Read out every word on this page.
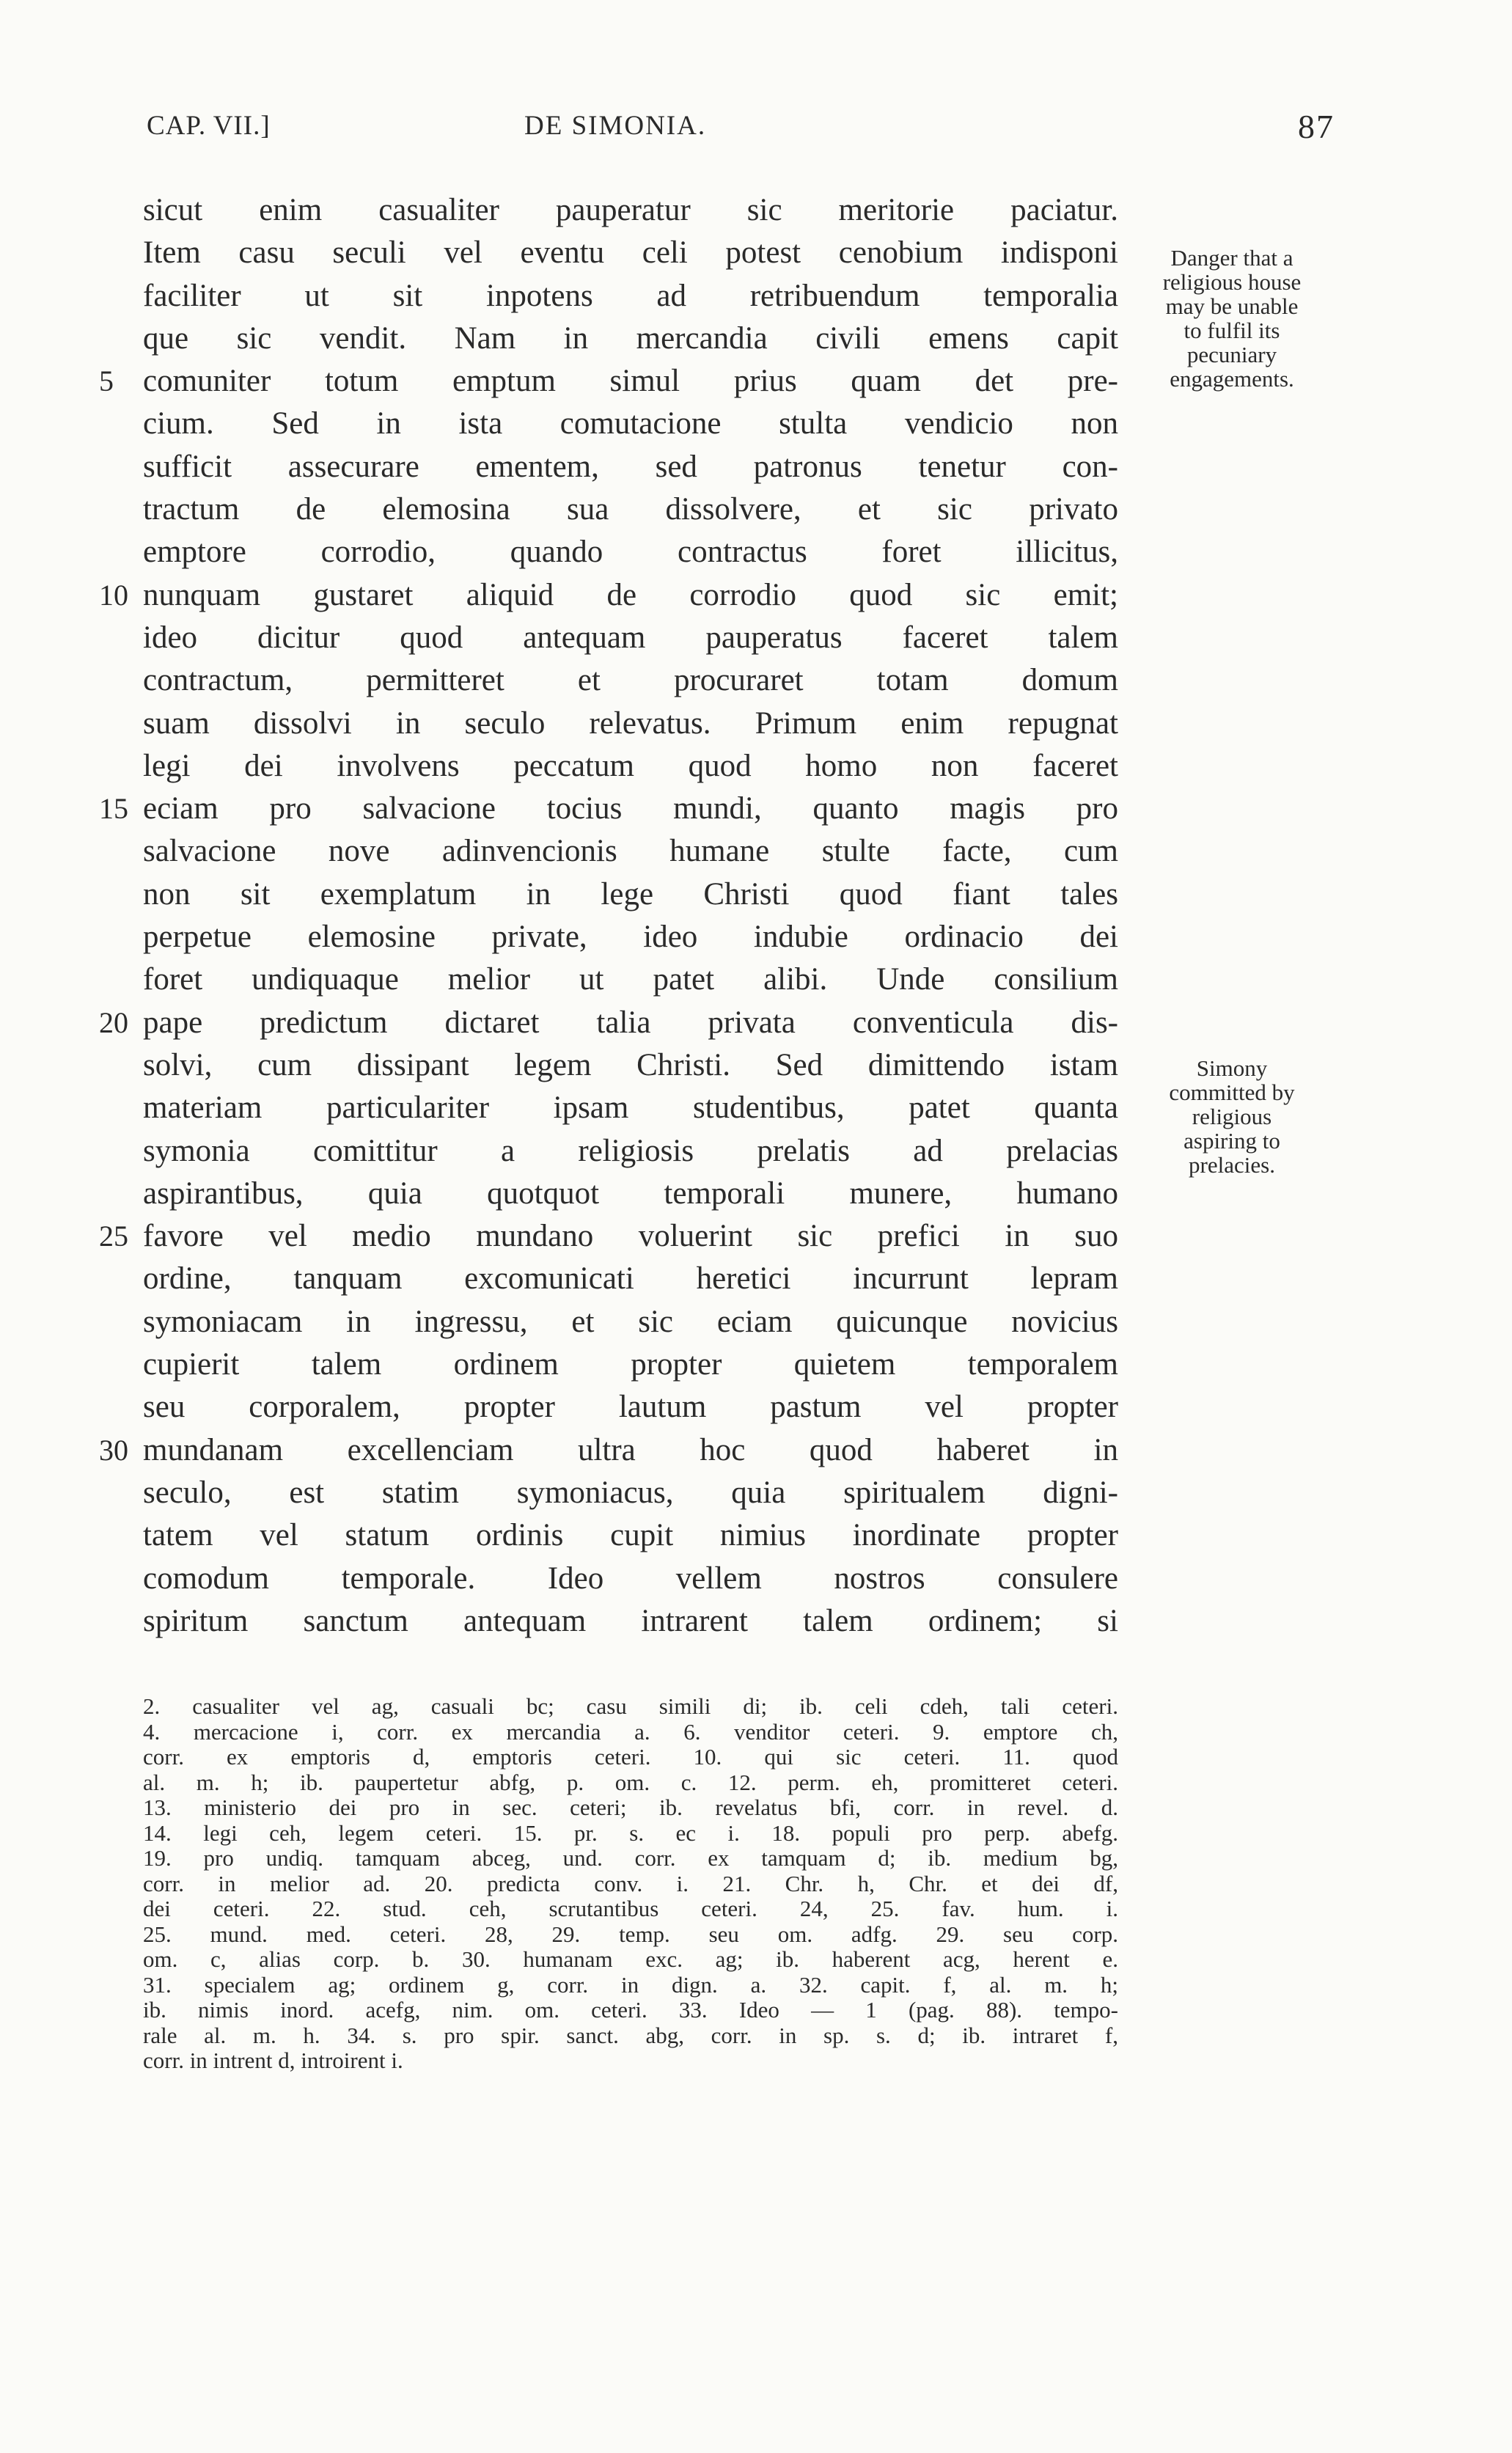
CAP. VII.]	DE SIMONIA.	87
sicut enim casualiter pauperatur sic meritorie paciatur.
Item casu seculi vel eventu celi potest cenobium indisponi
faciliter ut sit inpotens ad retribuendum temporalia
que sic vendit. Nam in mercandia civili emens capit
5 comuniter totum emptum simul prius quam det pre-
cium. Sed in ista comutacione stulta vendicio non
sufficit assecurare ementem, sed patronus tenetur con-
tractum de elemosina sua dissolvere, et sic privato
emptore corrodio, quando contractus foret illicitus,
10 nunquam gustaret aliquid de corrodio quod sic emit;
ideo dicitur quod antequam pauperatus faceret talem
contractum, permitteret et procuraret totam domum
suam dissolvi in seculo relevatus. Primum enim repugnat
legi dei involvens peccatum quod homo non faceret
15 eciam pro salvacione tocius mundi, quanto magis pro
salvacione nove adinvencionis humane stulte facte, cum
non sit exemplatum in lege Christi quod fiant tales
perpetue elemosine private, ideo indubie ordinacio dei
foret undiquaque melior ut patet alibi. Unde consilium
20 pape predictum dictaret talia privata conventicula dis-
solvi, cum dissipant legem Christi. Sed dimittendo istam
materiam particulariter ipsam studentibus, patet quanta
symonia comittitur a religiosis prelatis ad prelacias
aspirantibus, quia quotquot temporali munere, humano
25 favore vel medio mundano voluerint sic prefici in suo
ordine, tanquam excomunicati heretici incurrunt lepram
symoniacam in ingressu, et sic eciam quicunque novicius
cupierit talem ordinem propter quietem temporalem
seu corporalem, propter lautum pastum vel propter
30 mundanam excellenciam ultra hoc quod haberet in
seculo, est statim symoniacus, quia spiritualem digni-
tatem vel statum ordinis cupit nimius inordinate propter
comodum temporale. Ideo vellem nostros consulere
spiritum sanctum antequam intrarent talem ordinem; si
Danger that a
religious house
may be unable
to fulfil its
pecuniary
engagements.
Simony
committed by
religious
aspiring to
prelacies.
2. casualiter vel ag, casuali bc; casu simili di; ib. celi cdeh, tali ceteri.
4. mercacione i, corr. ex mercandia a. 6. venditor ceteri. 9. emptore ch,
corr. ex emptoris d, emptoris ceteri. 10. qui sic ceteri. 11. quod
al. m. h; ib. paupertetur abfg, p. om. c. 12. perm. eh, promitteret ceteri.
13. ministerio dei pro in sec. ceteri; ib. revelatus bfi, corr. in revel. d.
14. legi ceh, legem ceteri. 15. pr. s. ec i. 18. populi pro perp. abefg.
19. pro undiq. tamquam abceg, und. corr. ex tamquam d; ib. medium bg,
corr. in melior ad. 20. predicta conv. i. 21. Chr. h, Chr. et dei df,
dei ceteri. 22. stud. ceh, scrutantibus ceteri. 24, 25. fav. hum. i.
25. mund. med. ceteri. 28, 29. temp. seu om. adfg. 29. seu corp.
om. c, alias corp. b. 30. humanam exc. ag; ib. haberent acg, herent e.
31. specialem ag; ordinem g, corr. in dign. a. 32. capit. f, al. m. h;
ib. nimis inord. acefg, nim. om. ceteri. 33. Ideo — 1 (pag. 88). tempo-
rale al. m. h. 34. s. pro spir. sanct. abg, corr. in sp. s. d; ib. intraret f,
corr. in intrent d, introirent i.
